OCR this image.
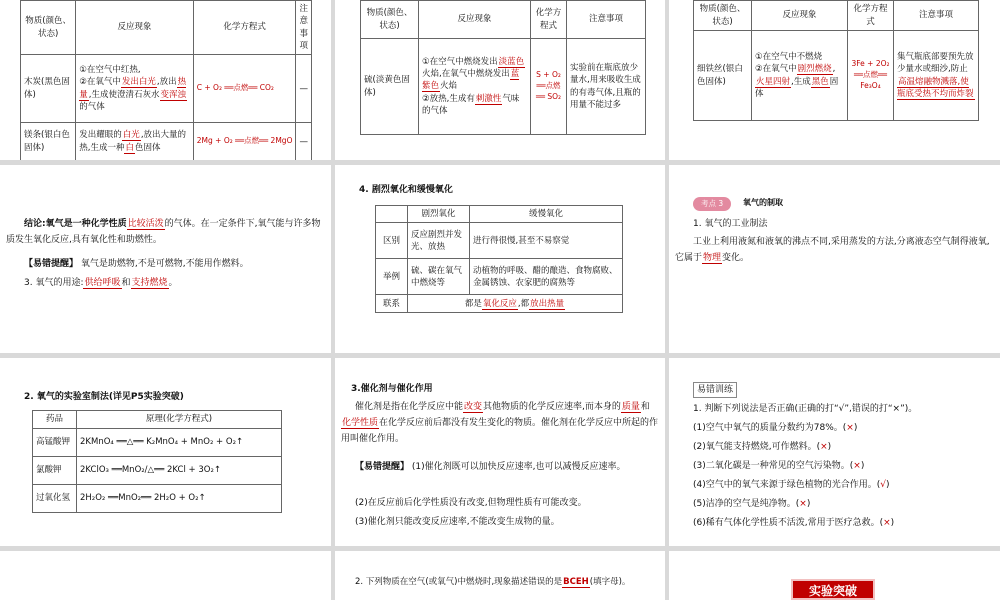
物质(颜色、状态)	反应现象	化学方程式	注意事项
木炭(黑色固体)	①在空气中红热,
②在氧气中发出白光,放出热量,生成使澄清石灰水变浑浊的气体	C + O₂ ══点燃══ CO₂	—
镁条(银白色固体)	发出耀眼的白光,放出大量的热,生成一种白色固体	2Mg + O₂ ══点燃══ 2MgO	—
物质(颜色、状态)	反应现象	化学方程式	注意事项
硫(淡黄色固体)	①在空气中燃烧发出淡蓝色火焰,在氧气中燃烧发出蓝紫色火焰
②放热,生成有刺激性气味的气体	S + O₂ ══点燃══ SO₂	实验前在瓶底放少量水,用来吸收生成的有毒气体,且瓶的用量不能过多
物质(颜色、状态)	反应现象	化学方程式	注意事项
细铁丝(银白色固体)	①在空气中不燃烧
②在氧气中剧烈燃烧,火星四射,生成黑色固体	3Fe + 2O₂ ══点燃══ Fe₃O₄	集气瓶底部要预先放少量水或细沙,防止高温熔融物溅落,使瓶底受热不均而炸裂
结论:氧气是一种化学性质比较活泼的气体。在一定条件下,氧气能与许多物质发生氧化反应,具有氧化性和助燃性。
【易错提醒】 氧气是助燃物,不是可燃物,不能用作燃料。
3. 氧气的用途:供给呼吸和支持燃烧。
4. 剧烈氧化和缓慢氧化
	剧烈氧化	缓慢氧化
区别	反应剧烈并发光、放热	进行得很慢,甚至不易察觉
举例	硫、碳在氧气中燃烧等	动植物的呼吸、醋的酿造、食物腐败、金属锈蚀、农家肥的腐熟等
联系	都是氧化反应,都放出热量	
考点 3	氧气的制取
1. 氧气的工业制法
工业上利用液氮和液氧的沸点不同,采用蒸发的方法,分离液态空气制得液氧,它属于物理变化。
2. 氧气的实验室制法(详见P5实验突破)
药品	原理(化学方程式)
高锰酸钾	2KMnO₄ ══△══ K₂MnO₄ + MnO₂ + O₂↑
氯酸钾	2KClO₃ ══MnO₂/△══ 2KCl + 3O₂↑
过氧化氢	2H₂O₂ ══MnO₂══ 2H₂O + O₂↑
3.催化剂与催化作用
催化剂是指在化学反应中能改变其他物质的化学反应速率,而本身的质量和化学性质在化学反应前后都没有发生变化的物质。催化剂在化学反应中所起的作用叫催化作用。
【易错提醒】 (1)催化剂既可以加快反应速率,也可以减慢反应速率。
(2)在反应前后化学性质没有改变,但物理性质有可能改变。
(3)催化剂只能改变反应速率,不能改变生成物的量。
易错训练
1. 判断下列说法是否正确(正确的打“√”,错误的打“×”)。
(1)空气中氧气的质量分数约为78%。(×)
(2)氧气能支持燃烧,可作燃料。(×)
(3)二氧化碳是一种常见的空气污染物。(×)
(4)空气中的氧气来源于绿色植物的光合作用。(√)
(5)洁净的空气是纯净物。(×)
(6)稀有气体化学性质不活泼,常用于医疗急救。(×)
2. 下列物质在空气(或氧气)中燃烧时,现象描述错误的是BCEH(填字母)。
实验突破
